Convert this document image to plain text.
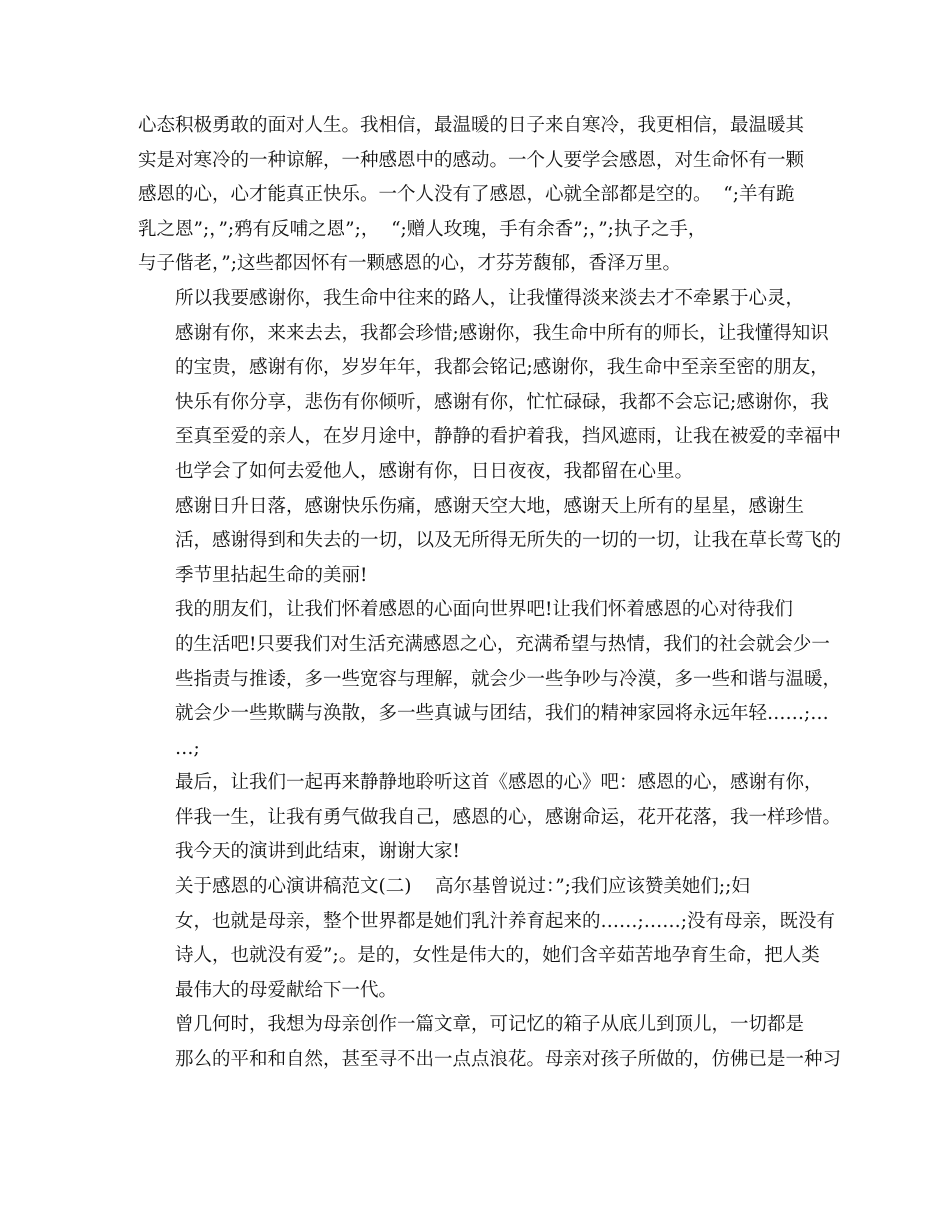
心态积极勇敢的面对人生。我相信，最温暖的日子来自寒冷，我更相信，最温暖其
实是对寒冷的一种谅解，一种感恩中的感动。一个人要学会感恩，对生命怀有一颗
感恩的心，心才能真正快乐。一个人没有了感恩，心就全部都是空的。  “;羊有跪
乳之恩”;，”;鸦有反哺之恩”;，  “;赠人玫瑰，手有余香”;，”;执子之手，
与子偕老，”;这些都因怀有一颗感恩的心，才芬芳馥郁，香泽万里。

所以我要感谢你，我生命中往来的路人，让我懂得淡来淡去才不牵累于心灵，
感谢有你，来来去去，我都会珍惜;感谢你，我生命中所有的师长，让我懂得知识
的宝贵，感谢有你，岁岁年年，我都会铭记;感谢你，我生命中至亲至密的朋友，
快乐有你分享，悲伤有你倾听，感谢有你，忙忙碌碌，我都不会忘记;感谢你，我
至真至爱的亲人，在岁月途中，静静的看护着我，挡风遮雨，让我在被爱的幸福中
也学会了如何去爱他人，感谢有你，日日夜夜，我都留在心里。

感谢日升日落，感谢快乐伤痛，感谢天空大地，感谢天上所有的星星，感谢生
活，感谢得到和失去的一切，以及无所得无所失的一切的一切，让我在草长莺飞的
季节里拈起生命的美丽!

我的朋友们，让我们怀着感恩的心面向世界吧!让我们怀着感恩的心对待我们
的生活吧!只要我们对生活充满感恩之心，充满希望与热情，我们的社会就会少一
些指责与推诿，多一些宽容与理解，就会少一些争吵与冷漠，多一些和谐与温暖，
就会少一些欺瞒与涣散，多一些真诚与团结，我们的精神家园将永远年轻……;…
…;

最后，让我们一起再来静静地聆听这首《感恩的心》吧：感恩的心，感谢有你，
伴我一生，让我有勇气做我自己，感恩的心，感谢命运，花开花落，我一样珍惜。

我今天的演讲到此结束，谢谢大家!

关于感恩的心演讲稿范文(二)    高尔基曾说过：”;我们应该赞美她们;;妇
女，也就是母亲，整个世界都是她们乳汁养育起来的……;……;没有母亲，既没有
诗人，也就没有爱”;。是的，女性是伟大的，她们含辛茹苦地孕育生命，把人类
最伟大的母爱献给下一代。

曾几何时，我想为母亲创作一篇文章，可记忆的箱子从底儿到顶儿，一切都是
那么的平和和自然，甚至寻不出一点点浪花。母亲对孩子所做的，仿佛已是一种习
